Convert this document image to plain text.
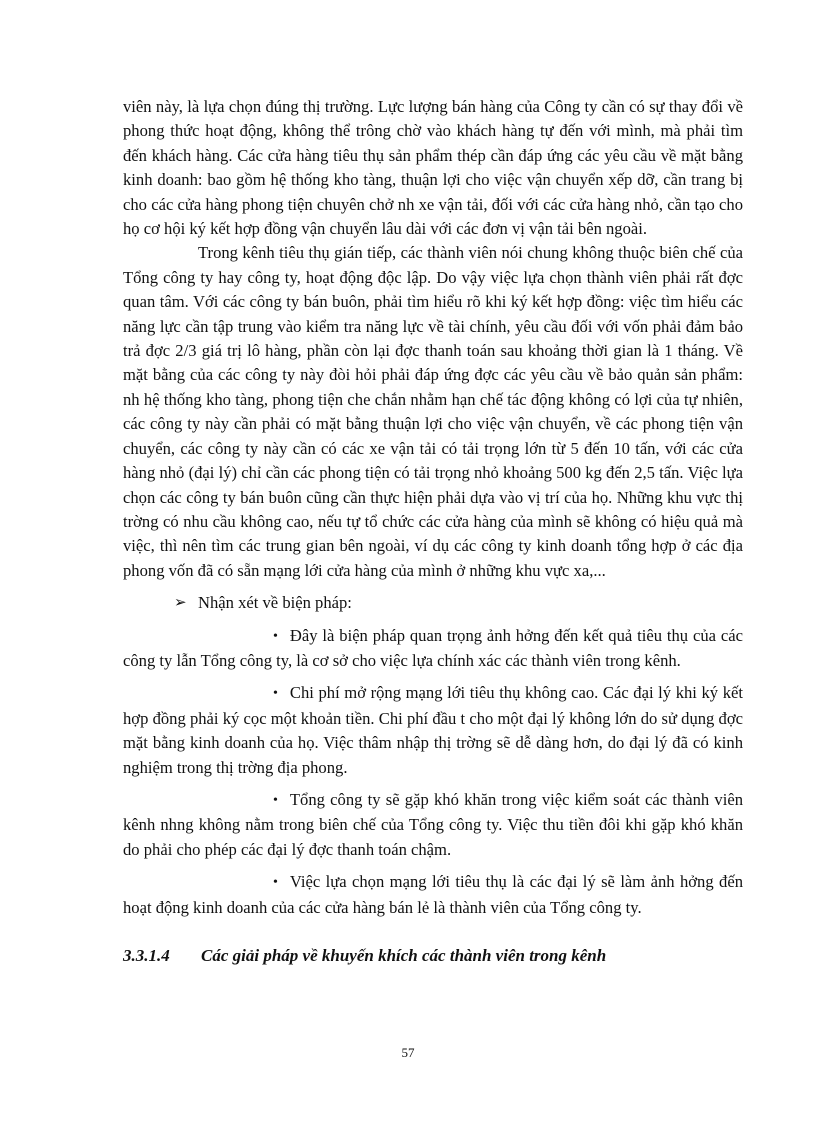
viên này, là lựa chọn đúng thị trường. Lực lượng bán hàng của Công ty cần có sự thay đổi về phong thức hoạt động, không thể trông chờ vào khách hàng tự đến với mình, mà phải tìm đến khách hàng. Các cửa hàng tiêu thụ sản phẩm thép cần đáp ứng các yêu cầu về mặt bằng kinh doanh: bao gồm hệ thống kho tàng, thuận lợi cho việc vận chuyển xếp dỡ, cần trang bị cho các cửa hàng phong tiện chuyên chở nh xe vận tải, đối với các cửa hàng nhỏ, cần tạo cho họ cơ hội ký kết hợp đồng vận chuyển lâu dài với các đơn vị vận tải bên ngoài.

Trong kênh tiêu thụ gián tiếp, các thành viên nói chung không thuộc biên chế của Tổng công ty hay công ty, hoạt động độc lập. Do vậy việc lựa chọn thành viên phải rất đợc quan tâm. Với các công ty bán buôn, phải tìm hiểu rõ khi ký kết hợp đồng: việc tìm hiểu các năng lực cần tập trung vào kiểm tra năng lực về tài chính, yêu cầu đối với vốn phải đảm bảo trả đợc 2/3 giá trị lô hàng, phần còn lại đợc thanh toán sau khoảng thời gian là 1 tháng. Về mặt bằng của các công ty này đòi hỏi phải đáp ứng đợc các yêu cầu về bảo quản sản phẩm: nh hệ thống kho tàng, phong tiện che chắn nhằm hạn chế tác động không có lợi của tự nhiên, các công ty này cần phải có mặt bằng thuận lợi cho việc vận chuyển, về các phong tiện vận chuyển, các công ty này cần có các xe vận tải có tải trọng lớn từ 5 đến 10 tấn, với các cửa hàng nhỏ (đại lý) chỉ cần các phong tiện có tải trọng nhỏ khoảng 500 kg đến 2,5 tấn. Việc lựa chọn các công ty bán buôn cũng cần thực hiện phải dựa vào vị trí của họ. Những khu vực thị trờng có nhu cầu không cao, nếu tự tổ chức các cửa hàng của mình sẽ không có hiệu quả mà việc, thì nên tìm các trung gian bên ngoài, ví dụ các công ty kinh doanh tổng hợp ở các địa phong vốn đã có sẵn mạng lới cửa hàng của mình ở những khu vực xa,...

➢ Nhận xét về biện pháp:

• Đây là biện pháp quan trọng ảnh hởng đến kết quả tiêu thụ của các công ty lẫn Tổng công ty, là cơ sở cho việc lựa chính xác các thành viên trong kênh.

• Chi phí mở rộng mạng lới tiêu thụ không cao. Các đại lý khi ký kết hợp đồng phải ký cọc một khoản tiền. Chi phí đầu t cho một đại lý không lớn do sử dụng đợc mặt bằng kinh doanh của họ. Việc thâm nhập thị trờng sẽ dễ dàng hơn, do đại lý đã có kinh nghiệm trong thị trờng địa phong.

• Tổng công ty sẽ gặp khó khăn trong việc kiểm soát các thành viên kênh nhng không nằm trong biên chế của Tổng công ty. Việc thu tiền đôi khi gặp khó khăn do phải cho phép các đại lý đợc thanh toán chậm.

• Việc lựa chọn mạng lới tiêu thụ là các đại lý sẽ làm ảnh hởng đến hoạt động kinh doanh của các cửa hàng bán lẻ là thành viên của Tổng công ty.

3.3.1.4 Các giải pháp về khuyến khích các thành viên trong kênh

57
